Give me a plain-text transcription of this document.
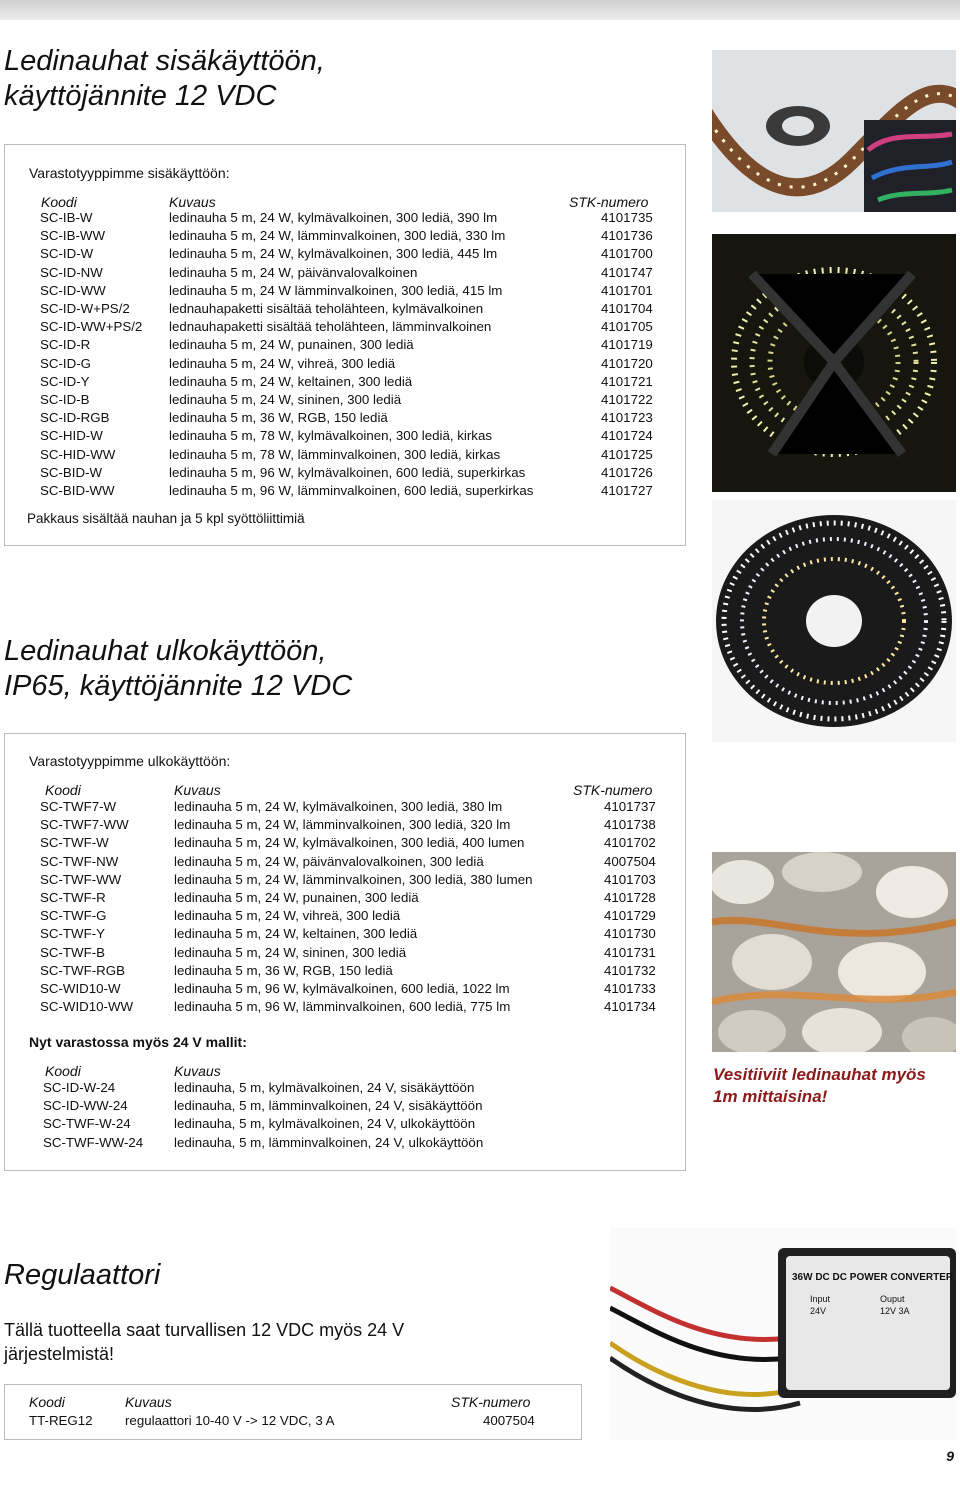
Ledinauhat sisäkäyttöön,
käyttöjännite 12 VDC
Varastotyyppimme sisäkäyttöön:
Koodi	Kuvaus	STK-numero
SC-IB-W	ledinauha 5 m, 24 W, kylmävalkoinen, 300 lediä, 390 lm	4101735
SC-IB-WW	ledinauha 5 m, 24 W, lämminvalkoinen, 300 lediä, 330 lm	4101736
SC-ID-W	ledinauha 5 m, 24 W, kylmävalkoinen, 300 lediä, 445 lm	4101700
SC-ID-NW	ledinauha 5 m, 24 W, päivänvalovalkoinen	4101747
SC-ID-WW	ledinauha 5 m, 24 W lämminvalkoinen, 300 lediä, 415 lm	4101701
SC-ID-W+PS/2	lednauhapaketti sisältää teholähteen, kylmävalkoinen	4101704
SC-ID-WW+PS/2 lednauhapaketti sisältää teholähteen, lämminvalkoinen	4101705
SC-ID-R	ledinauha 5 m, 24 W, punainen, 300 lediä	4101719
SC-ID-G	ledinauha 5 m, 24 W, vihreä, 300 lediä	4101720
SC-ID-Y	ledinauha 5 m, 24 W, keltainen, 300 lediä	4101721
SC-ID-B	ledinauha 5 m, 24 W, sininen, 300 lediä	4101722
SC-ID-RGB	ledinauha 5 m, 36 W, RGB, 150 lediä	4101723
SC-HID-W	ledinauha 5 m, 78 W, kylmävalkoinen, 300 lediä, kirkas	4101724
SC-HID-WW	ledinauha 5 m, 78 W, lämminvalkoinen, 300 lediä, kirkas	4101725
SC-BID-W	ledinauha 5 m, 96 W, kylmävalkoinen, 600 lediä, superkirkas	4101726
SC-BID-WW	ledinauha 5 m, 96 W, lämminvalkoinen, 600 lediä, superkirkas	4101727
Pakkaus sisältää nauhan ja 5 kpl syöttöliittimiä
Ledinauhat ulkokäyttöön,
IP65, käyttöjännite 12 VDC
Varastotyyppimme ulkokäyttöön:
Koodi	Kuvaus	STK-numero
SC-TWF7-W	ledinauha 5 m, 24 W, kylmävalkoinen, 300 lediä, 380 lm	4101737
SC-TWF7-WW	ledinauha 5 m, 24 W, lämminvalkoinen, 300 lediä, 320 lm	4101738
SC-TWF-W	ledinauha 5 m, 24 W, kylmävalkoinen, 300 lediä, 400 lumen	4101702
SC-TWF-NW	ledinauha 5 m, 24 W, päivänvalovalkoinen, 300 lediä	4007504
SC-TWF-WW	ledinauha 5 m, 24 W, lämminvalkoinen, 300 lediä, 380 lumen	4101703
SC-TWF-R	ledinauha 5 m, 24 W, punainen, 300 lediä	4101728
SC-TWF-G	ledinauha 5 m, 24 W, vihreä, 300 lediä	4101729
SC-TWF-Y	ledinauha 5 m, 24 W, keltainen, 300 lediä	4101730
SC-TWF-B	ledinauha 5 m, 24 W, sininen, 300 lediä	4101731
SC-TWF-RGB	ledinauha 5 m, 36 W, RGB, 150 lediä	4101732
SC-WID10-W	ledinauha 5 m, 96 W, kylmävalkoinen, 600 lediä, 1022 lm	4101733
SC-WID10-WW	ledinauha 5 m, 96 W, lämminvalkoinen, 600 lediä, 775 lm	4101734
Nyt varastossa myös 24 V mallit:
Koodi	Kuvaus
SC-ID-W-24	ledinauha, 5 m, kylmävalkoinen, 24 V, sisäkäyttöön
SC-ID-WW-24	ledinauha, 5 m, lämminvalkoinen, 24 V, sisäkäyttöön
SC-TWF-W-24	ledinauha, 5 m, kylmävalkoinen, 24 V, ulkokäyttöön
SC-TWF-WW-24 ledinauha, 5 m, lämminvalkoinen, 24 V, ulkokäyttöön
Vesitiiviit ledinauhat myös
1m mittaisina!
Regulaattori
Tällä tuotteella saat turvallisen 12 VDC myös 24 V
järjestelmistä!
Koodi	Kuvaus	STK-numero
TT-REG12 regulaattori 10-40 V -> 12 VDC, 3 A	4007504
9
36W DC DC POWER CONVERTER
Input
24V
Ouput
12V 3A
